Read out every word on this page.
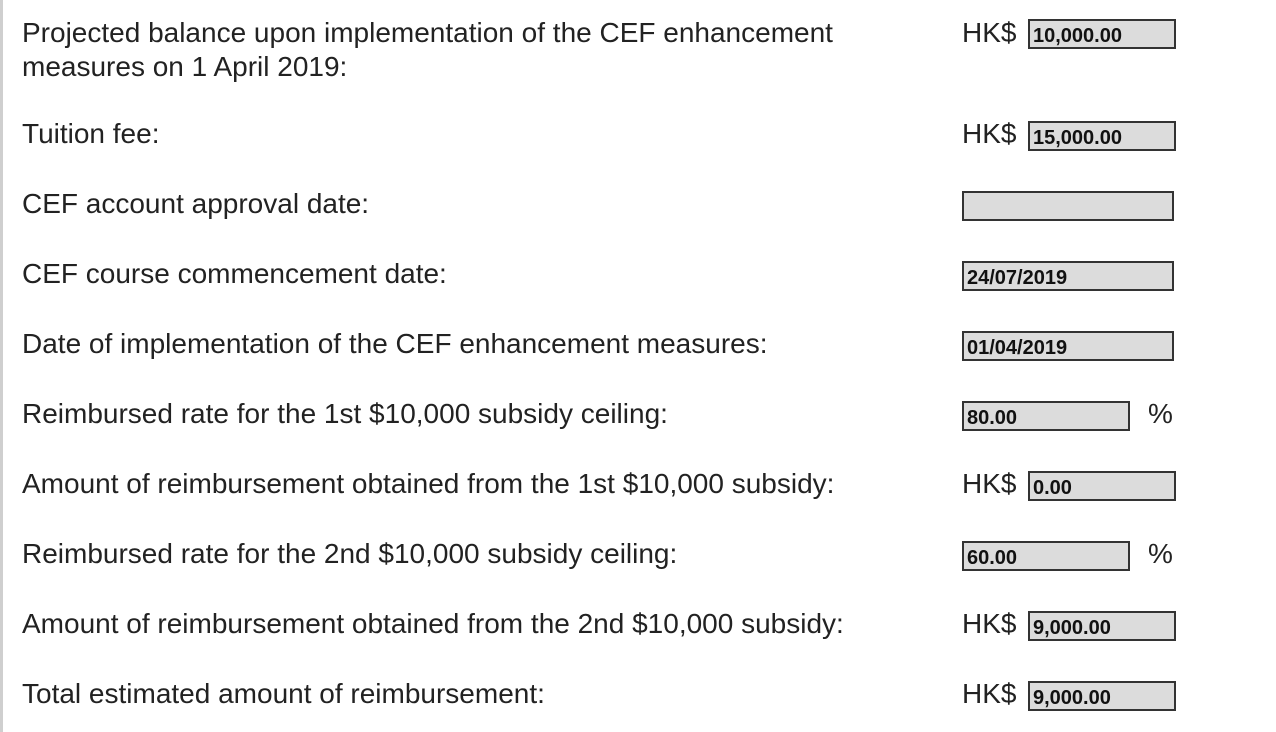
Projected balance upon implementation of the CEF enhancement measures on 1 April 2019:
HK$ 10,000.00
Tuition fee:	HK$ 15,000.00
CEF account approval date:
CEF course commencement date:	24/07/2019
Date of implementation of the CEF enhancement measures:	01/04/2019
Reimbursed rate for the 1st $10,000 subsidy ceiling:	80.00	%
Amount of reimbursement obtained from the 1st $10,000 subsidy:	HK$ 0.00
Reimbursed rate for the 2nd $10,000 subsidy ceiling:	60.00	%
Amount of reimbursement obtained from the 2nd $10,000 subsidy:	HK$ 9,000.00
Total estimated amount of reimbursement:	HK$ 9,000.00
